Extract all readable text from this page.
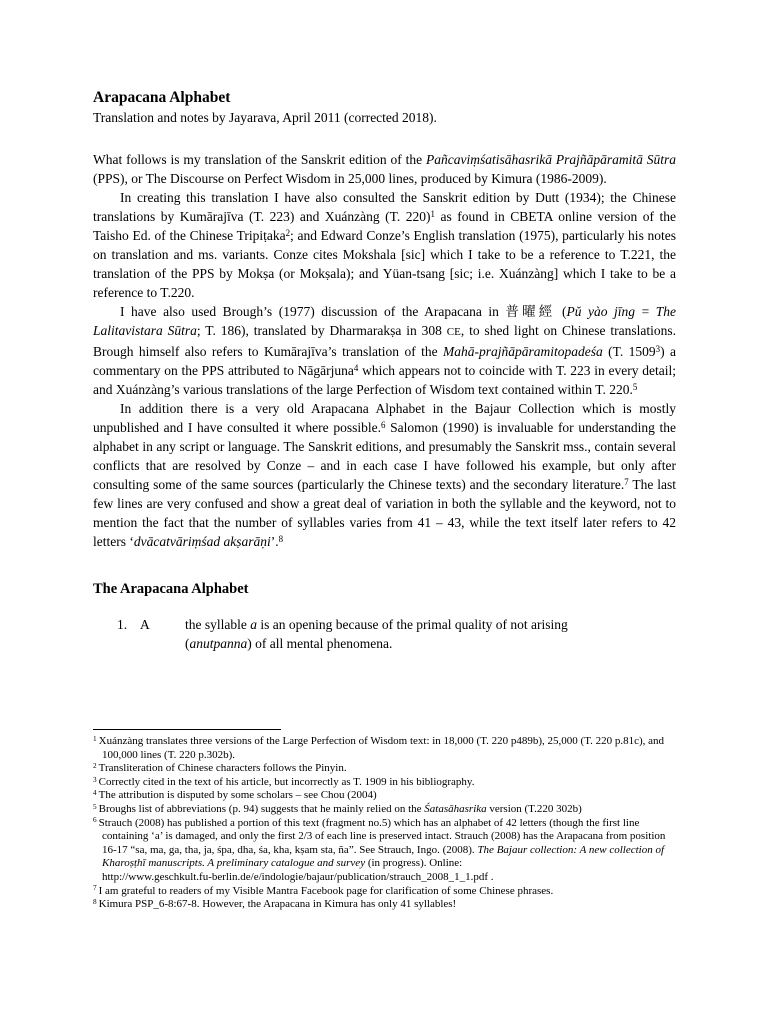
Arapacana Alphabet
Translation and notes by Jayarava, April 2011 (corrected 2018).

What follows is my translation of the Sanskrit edition of the Pañcaviṃśatisāhasrikā Prajñāpāramitā Sūtra (PPS), or The Discourse on Perfect Wisdom in 25,000 lines, produced by Kimura (1986-2009).

In creating this translation I have also consulted the Sanskrit edition by Dutt (1934); the Chinese translations by Kumārajīva (T. 223) and Xuánzàng (T. 220)$^1$ as found in CBETA online version of the Taisho Ed. of the Chinese Tripiṭaka$^2$; and Edward Conze’s English translation (1975), particularly his notes on translation and ms. variants. Conze cites Mokshala [sic] which I take to be a reference to T.221, the translation of the PPS by Mokṣa (or Mokṣala); and Yüan-tsang [sic; i.e. Xuánzàng] which I take to be a reference to T.220.

I have also used Brough’s (1977) discussion of the Arapacana in 普曜經 (Pǔ yào jīng = The Lalitavistara Sūtra; T. 186), translated by Dharmarakṣa in 308 CE, to shed light on Chinese translations. Brough himself also refers to Kumārajīva’s translation of the Mahā-prajñāpāramitopadeśa (T. 1509$^3$) a commentary on the PPS attributed to Nāgārjuna$^4$ which appears not to coincide with T. 223 in every detail; and Xuánzàng’s various translations of the large Perfection of Wisdom text contained within T. 220.$^5$

In addition there is a very old Arapacana Alphabet in the Bajaur Collection which is mostly unpublished and I have consulted it where possible.$^6$ Salomon (1990) is invaluable for understanding the alphabet in any script or language. The Sanskrit editions, and presumably the Sanskrit mss., contain several conflicts that are resolved by Conze – and in each case I have followed his example, but only after consulting some of the same sources (particularly the Chinese texts) and the secondary literature.$^7$ The last few lines are very confused and show a great deal of variation in both the syllable and the keyword, not to mention the fact that the number of syllables varies from 41 – 43, while the text itself later refers to 42 letters ‘dvācatvāriṃśad akṣarāṇi’.$^8$

The Arapacana Alphabet
1. A	the syllable a is an opening because of the primal quality of not arising
(anutpanna) of all mental phenomena.
$^1$ Xuánzàng translates three versions of the Large Perfection of Wisdom text: in 18,000 (T. 220 p489b), 25,000 (T. 220 p.81c), and 100,000 lines (T. 220 p.302b).
$^2$ Transliteration of Chinese characters follows the Pinyin.
$^3$ Correctly cited in the text of his article, but incorrectly as T. 1909 in his bibliography.
$^4$ The attribution is disputed by some scholars – see Chou (2004)
$^5$ Broughs list of abbreviations (p. 94) suggests that he mainly relied on the Śatasāhasrika version (T.220 302b)
$^6$ Strauch (2008) has published a portion of this text (fragment no.5) which has an alphabet of 42 letters (though the first line containing ‘a’ is damaged, and only the first 2/3 of each line is preserved intact. Strauch (2008) has the Arapacana from position 16-17 “sa, ma, ga, tha, ja, śpa, dha, śa, kha, kṣam sta, ña”. See Strauch, Ingo. (2008). The Bajaur collection: A new collection of Kharoṣṭhī manuscripts. A preliminary catalogue and survey (in progress). Online:
http://www.geschkult.fu-berlin.de/e/indologie/bajaur/publication/strauch_2008_1_1.pdf .
$^7$ I am grateful to readers of my Visible Mantra Facebook page for clarification of some Chinese phrases.
$^8$ Kimura PSP_6-8:67-8. However, the Arapacana in Kimura has only 41 syllables!
